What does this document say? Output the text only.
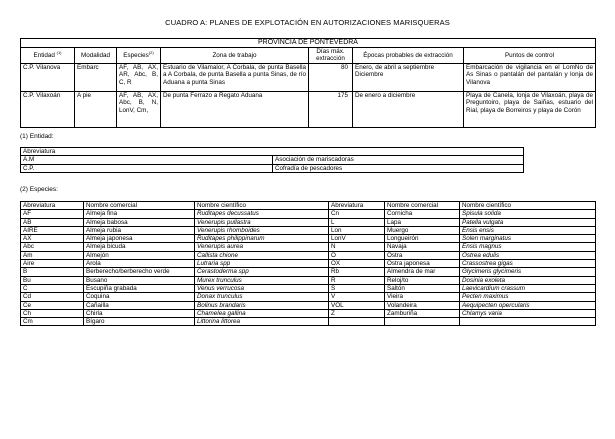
CUADRO A: PLANES DE EXPLOTACIÓN EN AUTORIZACIONES MARISQUERAS
PROVINCIA DE PONTEVEDRA						
Entidad $^{(1)}$	Modalidad	Especies$^{(2)}$	Zona de trabajo	Días máx. extracción	Épocas probables de extracción	Puntos de control
C.P. Vilanova	Embarc	AF, AB, AX, AR, Abc, B, C, R	Estuario de Vilamalor, A Corbala, de punta Basella a A Corbala, de punta Basella a punta Sinas, de río Aduana a punta Sinas	80	Enero, de abril a septiembre Diciembre	Embarcación de vigilancia en el LomNo de As Sinas o pantalán del pantalán y lonja de Vilanova
C.P. Vilaxoán	A pie	AF, AB, AX, Abc, B, N, LonV, Cm,	De punta Ferrazo a Regato Aduana	175	De enero a diciembre	Playa de Canela, lonja de Vilaxoán, playa de Preguntoiro, playa de Saiñas, estuario del Rial, playa de Borreiros y playa de Corón
(1) Entidad:
Abreviatura	
A.M	Asociación de mariscadoras
C.P.	Cofradía de pescadores
(2) Especies:
Abreviatura	Nombre comercial	Nombre científico	Abreviatura	Nombre comercial	Nombre científico
AF	Almeja fina	Ruditapes decussatus	Cn	Cornicha	Spisula solida
AB	Almeja babosa	Venerupis pullastra	L	Lapa	Patella vulgata
AIRE	Almeja rubia	Venerupis rhomboides	Lon	Muergo	Ensis ensis
AX	Almeja japonesa	Ruditapes philippinarum	LonV	Longueirón	Solen marginatus
Abc	Almeja bicuda	Venerupis aurea	N	Navaja	Ensis magnus
Am	Almejón	Callista chione	O	Ostra	Ostrea edulis
Aire	Arola	Lutraria spp	OX	Ostra japonesa	Crassostrea gigas
B	Berberecho/berberecho verde	Cerastoderma spp	Rb	Almendra de mar	Glycimeris glycimeris
Bu	Busano	Murex trunculus	R	Reloj/to	Dosinia exoleta
C	Escupiña grabada	Venus verrucosa	S	Saltón	Laevicardium crassum
Cd	Coquina	Donax trunculus	V	Vieira	Pecten maximus
Ce	Cañailla	Bolinus brandaris	VOL	Volandeira	Aequipecten opercularis
Ch	Chirla	Chamelea gallina	Z	Zamburiña	Chlamys varia
Cm	Bígaro	Littorina littorea			
